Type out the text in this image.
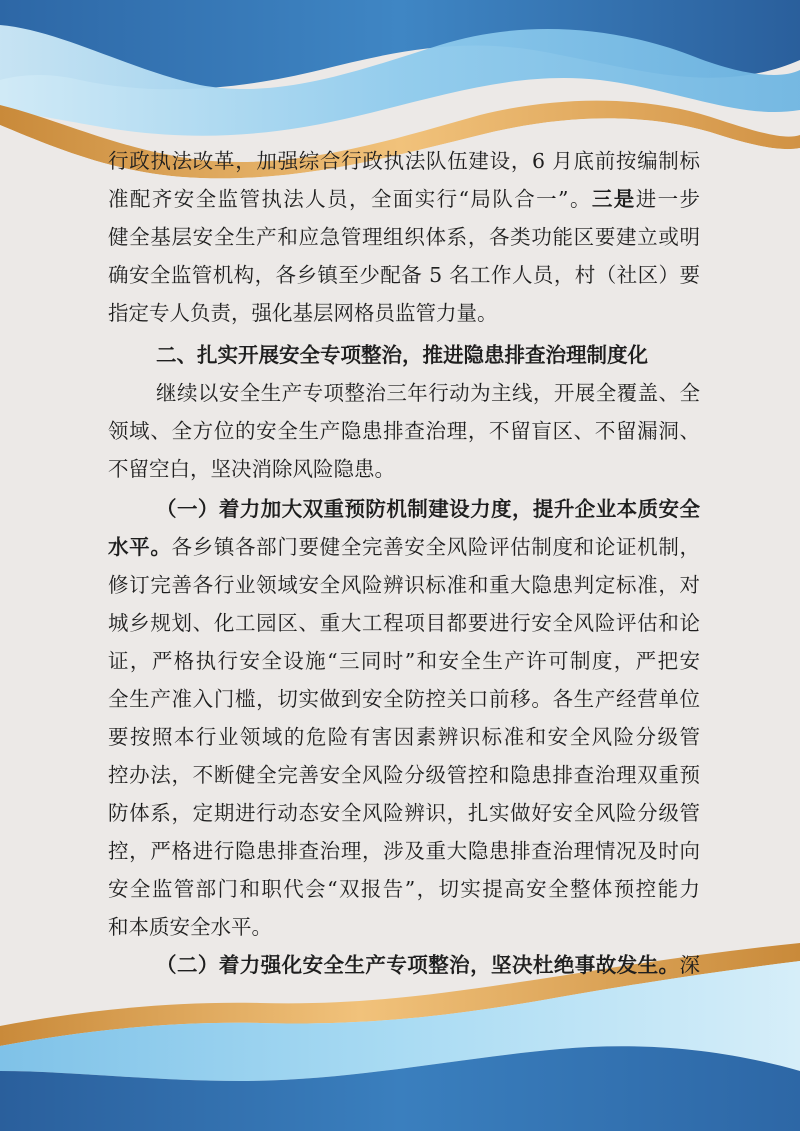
行政执法改革，加强综合行政执法队伍建设，6 月底前按编制标
准配齐安全监管执法人员，全面实行“局队合一”。三是进一步
健全基层安全生产和应急管理组织体系，各类功能区要建立或明
确安全监管机构，各乡镇至少配备 5 名工作人员，村（社区）要
指定专人负责，强化基层网格员监管力量。
二、扎实开展安全专项整治，推进隐患排查治理制度化
继续以安全生产专项整治三年行动为主线，开展全覆盖、全
领域、全方位的安全生产隐患排查治理，不留盲区、不留漏洞、
不留空白，坚决消除风险隐患。
（一）着力加大双重预防机制建设力度，提升企业本质安全
水平。各乡镇各部门要健全完善安全风险评估制度和论证机制，
修订完善各行业领域安全风险辨识标准和重大隐患判定标准，对
城乡规划、化工园区、重大工程项目都要进行安全风险评估和论
证，严格执行安全设施“三同时”和安全生产许可制度，严把安
全生产准入门槛，切实做到安全防控关口前移。各生产经营单位
要按照本行业领域的危险有害因素辨识标准和安全风险分级管
控办法，不断健全完善安全风险分级管控和隐患排查治理双重预
防体系，定期进行动态安全风险辨识，扎实做好安全风险分级管
控，严格进行隐患排查治理，涉及重大隐患排查治理情况及时向
安全监管部门和职代会“双报告”，切实提高安全整体预控能力
和本质安全水平。
（二）着力强化安全生产专项整治，坚决杜绝事故发生。深
